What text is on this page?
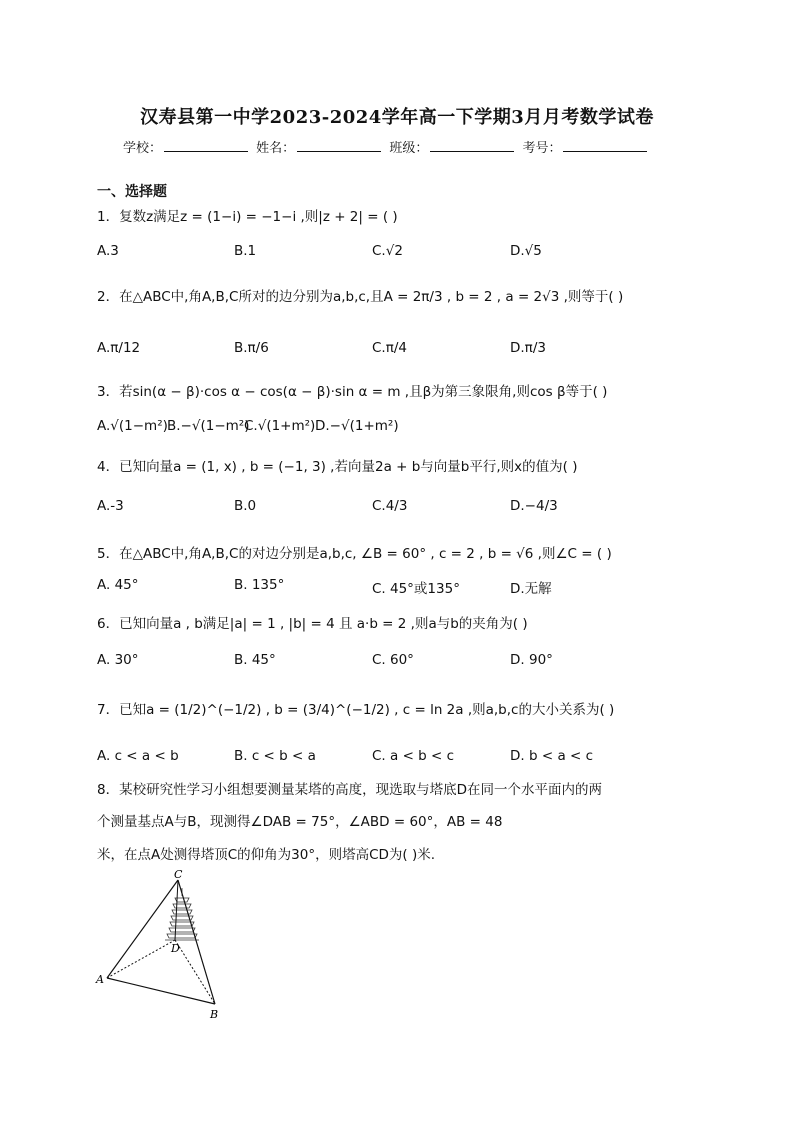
汉寿县第一中学2023-2024学年高一下学期3月月考数学试卷
学校：	姓名：	班级：	考号：
一、选择题
1．复数z满足z = (1−i) = −1−i ,则|z + 2| = ( )
A.3	B.1	C.√2	D.√5
2．在△ABC中,角A,B,C所对的边分别为a,b,c,且A = 2π/3 , b = 2 , a = 2√3 ,则等于( )
A.π/12	B.π/6	C.π/4	D.π/3
3．若sin(α − β)·cos α − cos(α − β)·sin α = m ,且β为第三象限角,则cos β等于( )
A.√(1−m²) B.−√(1−m²)
C.√(1+m²) D.−√(1+m²)
4．已知向量a = (1, x) , b = (−1, 3) ,若向量2a + b与向量b平行,则x的值为( )
A.-3	B.0	C.4/3	D.−4/3
5．在△ABC中,角A,B,C的对边分别是a,b,c, ∠B = 60° , c = 2 , b = √6 ,则∠C = ( )
A. 45°	B. 135°	C. 45°或135°	D.无解
6．已知向量a , b满足|a| = 1 , |b| = 4 且 a·b = 2 ,则a与b的夹角为( )
A. 30°	B. 45°	C. 60°	D. 90°
7．已知a = (1/2)^(−1/2) , b = (3/4)^(−1/2) , c = ln 2a ,则a,b,c的大小关系为( )
A. c < a < b	B. c < b < a	C. a < b < c	D. b < a < c
8．某校研究性学习小组想要测量某塔的高度，现选取与塔底D在同一个水平面内的两
个测量基点A与B，现测得∠DAB = 75°，∠ABD = 60°，AB = 48
米，在点A处测得塔顶C的仰角为30°，则塔高CD为( )米.
C
D
A
B
